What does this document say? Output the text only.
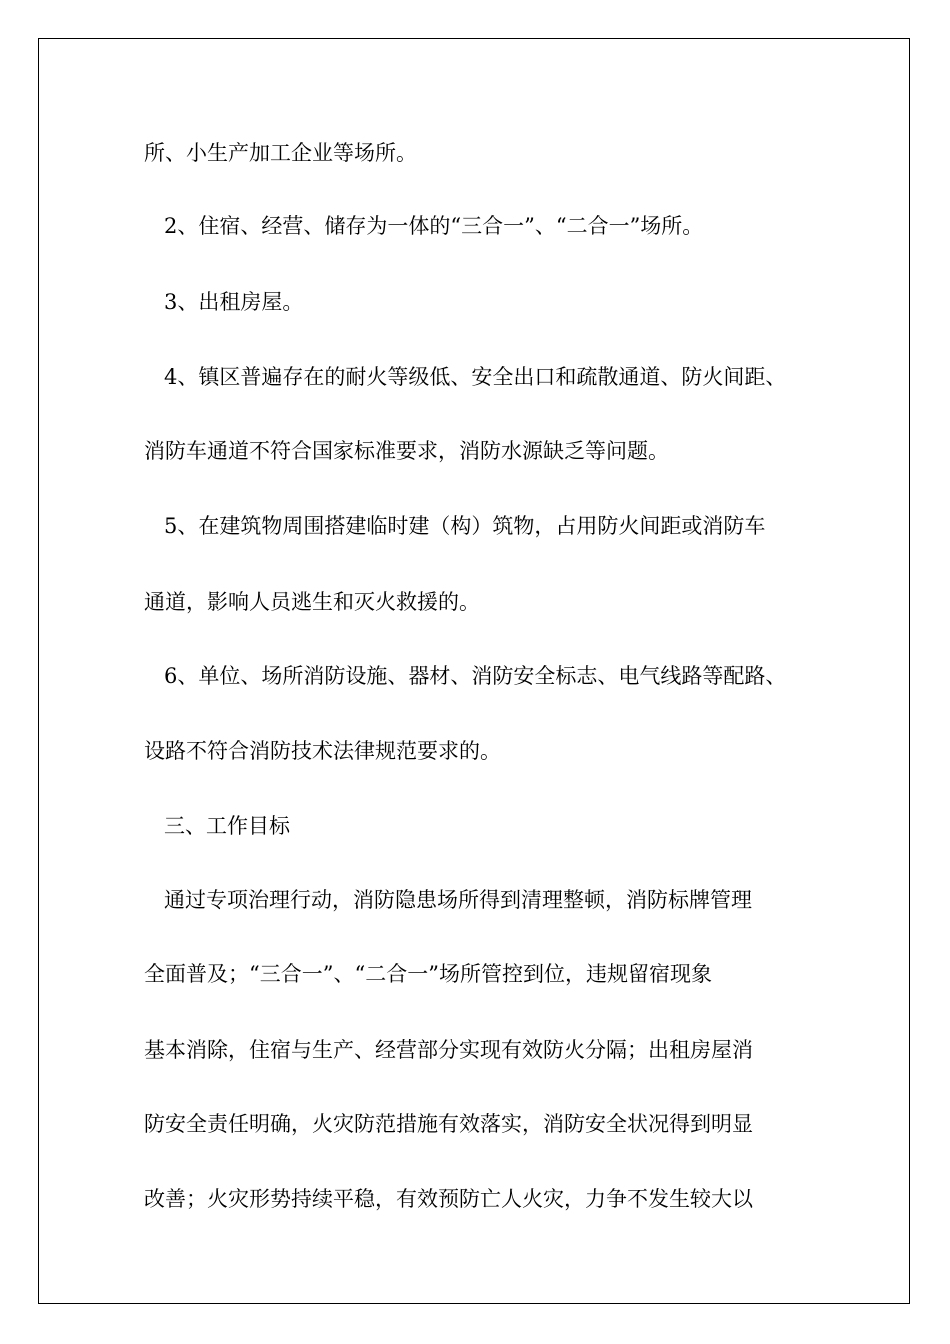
所、小生产加工企业等场所。

2、住宿、经营、储存为一体的“三合一”、“二合一”场所。

3、出租房屋。

4、镇区普遍存在的耐火等级低、安全出口和疏散通道、防火间距、

消防车通道不符合国家标准要求，消防水源缺乏等问题。

5、在建筑物周围搭建临时建（构）筑物，占用防火间距或消防车

通道，影响人员逃生和灭火救援的。

6、单位、场所消防设施、器材、消防安全标志、电气线路等配路、

设路不符合消防技术法律规范要求的。

三、工作目标

通过专项治理行动，消防隐患场所得到清理整顿，消防标牌管理

全面普及；“三合一”、“二合一”场所管控到位，违规留宿现象

基本消除，住宿与生产、经营部分实现有效防火分隔；出租房屋消

防安全责任明确，火灾防范措施有效落实，消防安全状况得到明显

改善；火灾形势持续平稳，有效预防亡人火灾，力争不发生较大以
